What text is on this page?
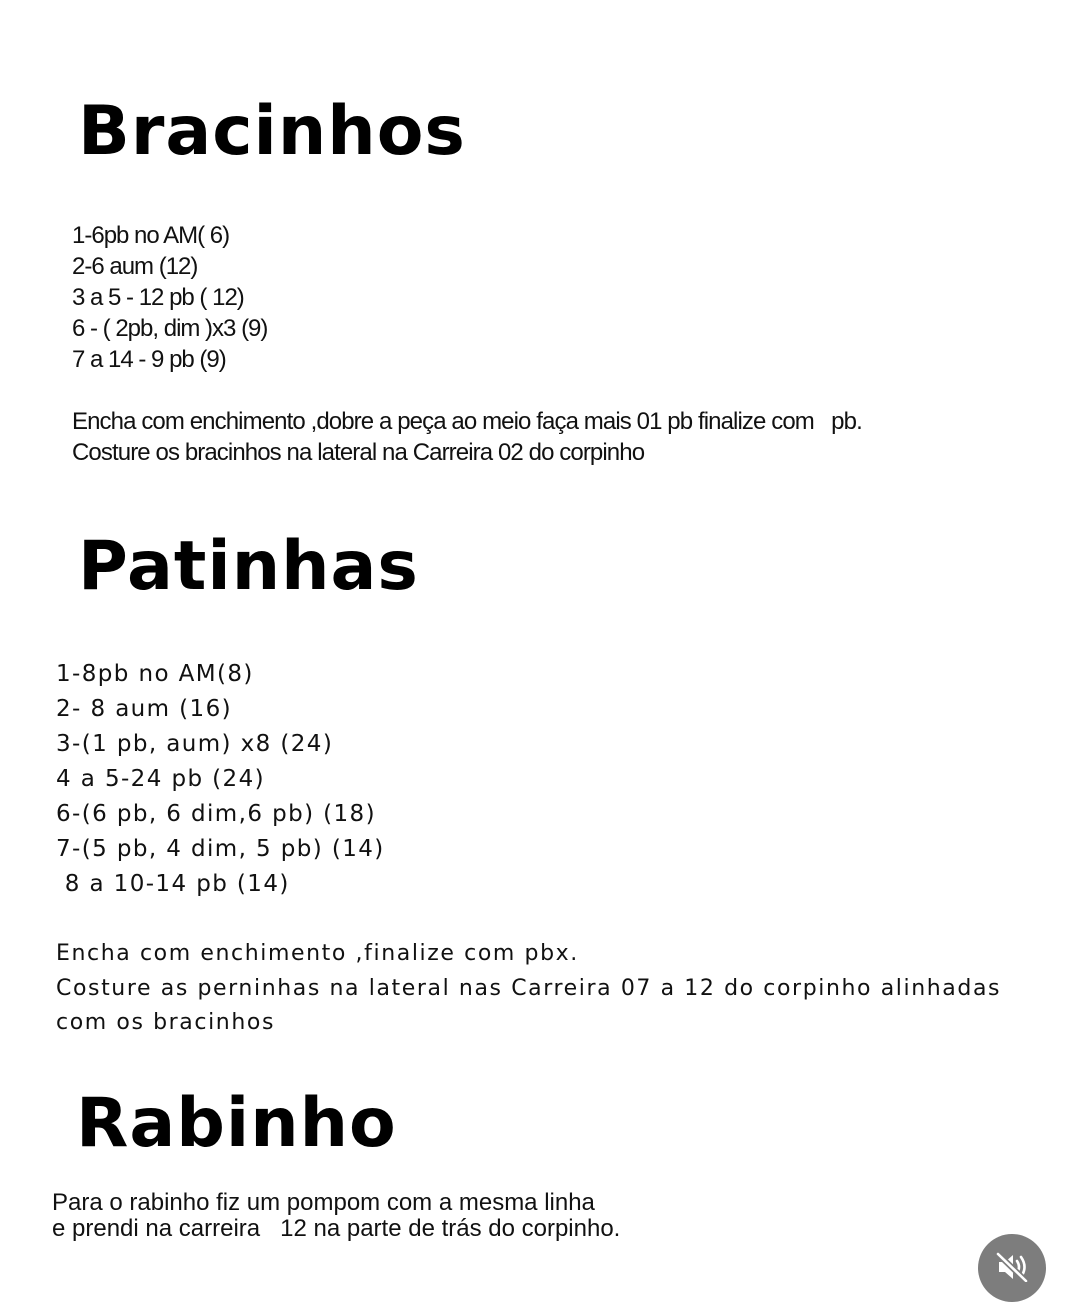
Bracinhos
1-6pb no AM( 6)
2-6 aum (12)
3 a 5 - 12 pb ( 12)
6 - ( 2pb, dim )x3 (9)
7 a 14 - 9 pb (9)
Encha com enchimento ,dobre a peça ao meio faça mais 01 pb finalize com   pb.
Costure os bracinhos na lateral na Carreira 02 do corpinho
Patinhas
1-8pb no AM(8)
2- 8 aum (16)
3-(1 pb, aum) x8 (24)
4 a 5-24 pb (24)
6-(6 pb, 6 dim,6 pb) (18)
7-(5 pb, 4 dim, 5 pb) (14)
8 a 10-14 pb (14)
Encha com enchimento ,finalize com pbx.
Costure as perninhas na lateral nas Carreira 07 a 12 do corpinho alinhadas
com os bracinhos
Rabinho
Para o rabinho fiz um pompom com a mesma linha
e prendi na carreira   12 na parte de trás do corpinho.
